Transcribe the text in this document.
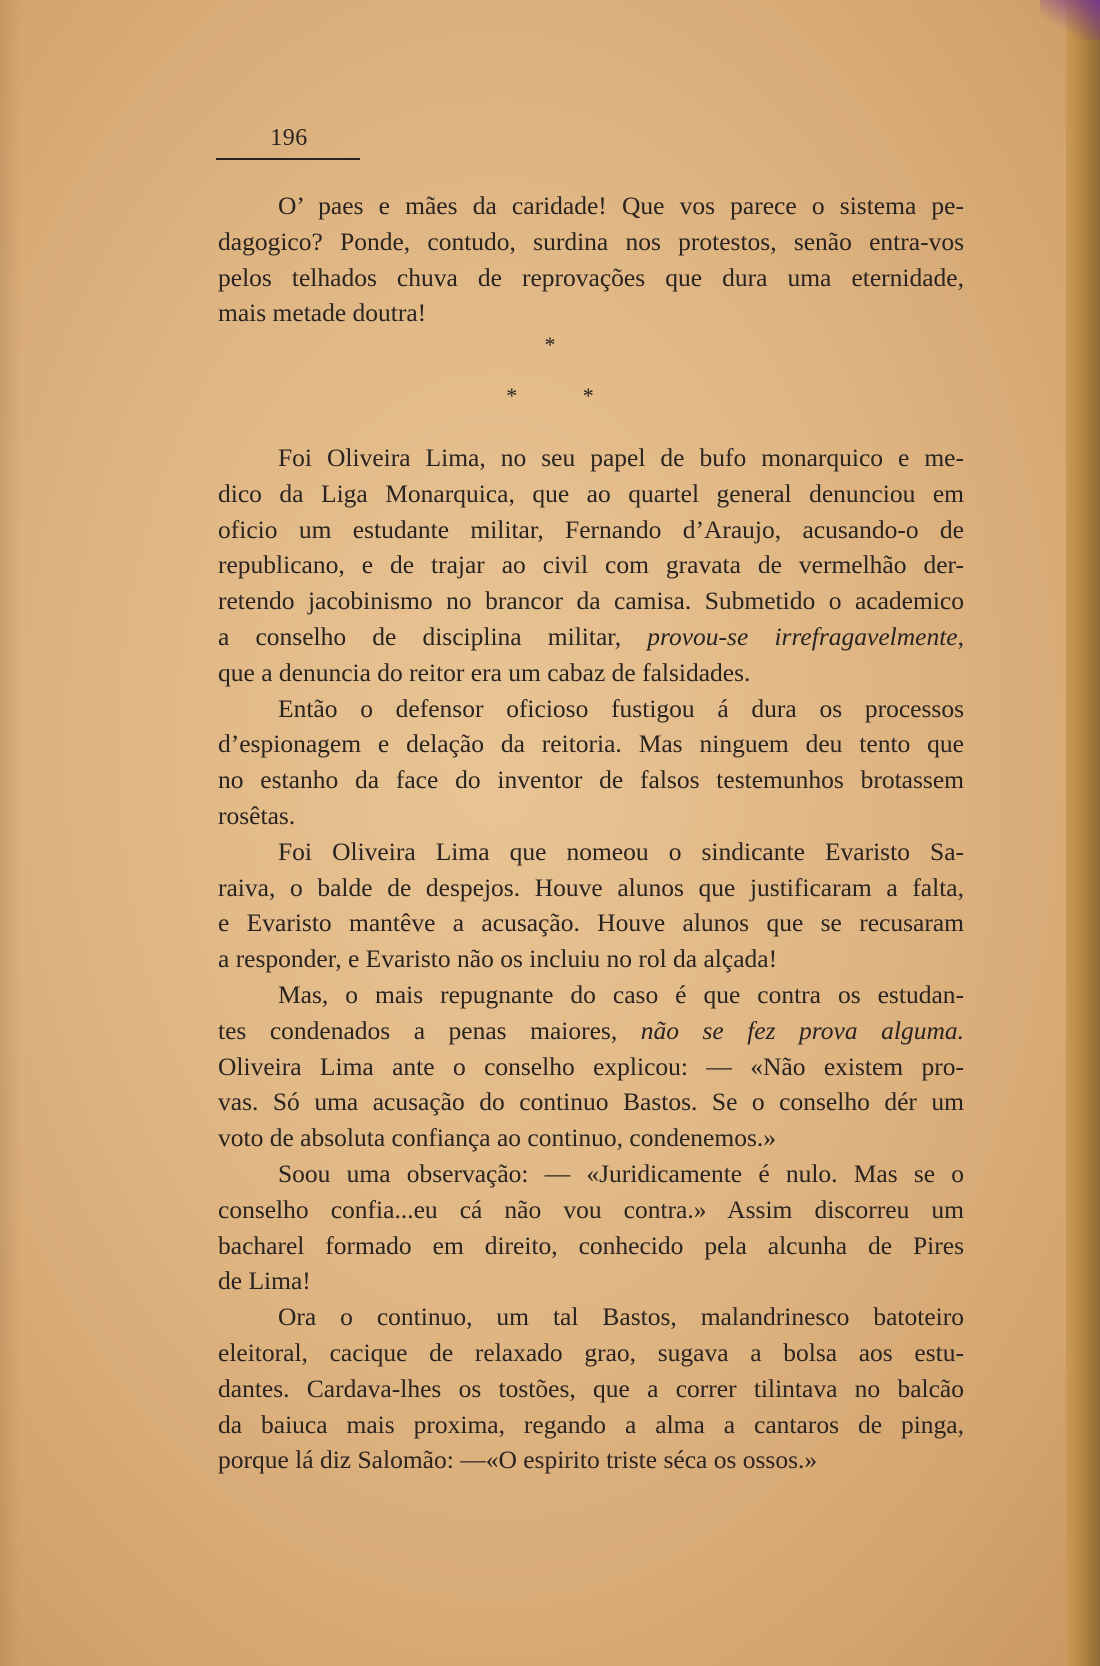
196
O’ paes e mães da caridade! Que vos parece o sistema pe-
dagogico? Ponde, contudo, surdina nos protestos, senão entra-vos
pelos telhados chuva de reprovações que dura uma eternidade,
mais metade doutra!
*
*	*
Foi Oliveira Lima, no seu papel de bufo monarquico e me-
dico da Liga Monarquica, que ao quartel general denunciou em
oficio um estudante militar, Fernando d’Araujo, acusando-o de
republicano, e de trajar ao civil com gravata de vermelhão der-
retendo jacobinismo no brancor da camisa. Submetido o academico
a conselho de disciplina militar, provou-se irrefragavelmente,
que a denuncia do reitor era um cabaz de falsidades.
Então o defensor oficioso fustigou á dura os processos
d’espionagem e delação da reitoria. Mas ninguem deu tento que
no estanho da face do inventor de falsos testemunhos brotassem
rosêtas.
Foi Oliveira Lima que nomeou o sindicante Evaristo Sa-
raiva, o balde de despejos. Houve alunos que justificaram a falta,
e Evaristo mantêve a acusação. Houve alunos que se recusaram
a responder, e Evaristo não os incluiu no rol da alçada!
Mas, o mais repugnante do caso é que contra os estudan-
tes condenados a penas maiores, não se fez prova alguma.
Oliveira Lima ante o conselho explicou: — «Não existem pro-
vas. Só uma acusação do continuo Bastos. Se o conselho dér um
voto de absoluta confiança ao continuo, condenemos.»
Soou uma observação: — «Juridicamente é nulo. Mas se o
conselho confia...eu cá não vou contra.» Assim discorreu um
bacharel formado em direito, conhecido pela alcunha de Pires
de Lima!
Ora o continuo, um tal Bastos, malandrinesco batoteiro
eleitoral, cacique de relaxado grao, sugava a bolsa aos estu-
dantes. Cardava-lhes os tostões, que a correr tilintava no balcão
da baiuca mais proxima, regando a alma a cantaros de pinga,
porque lá diz Salomão: —«O espirito triste séca os ossos.»
